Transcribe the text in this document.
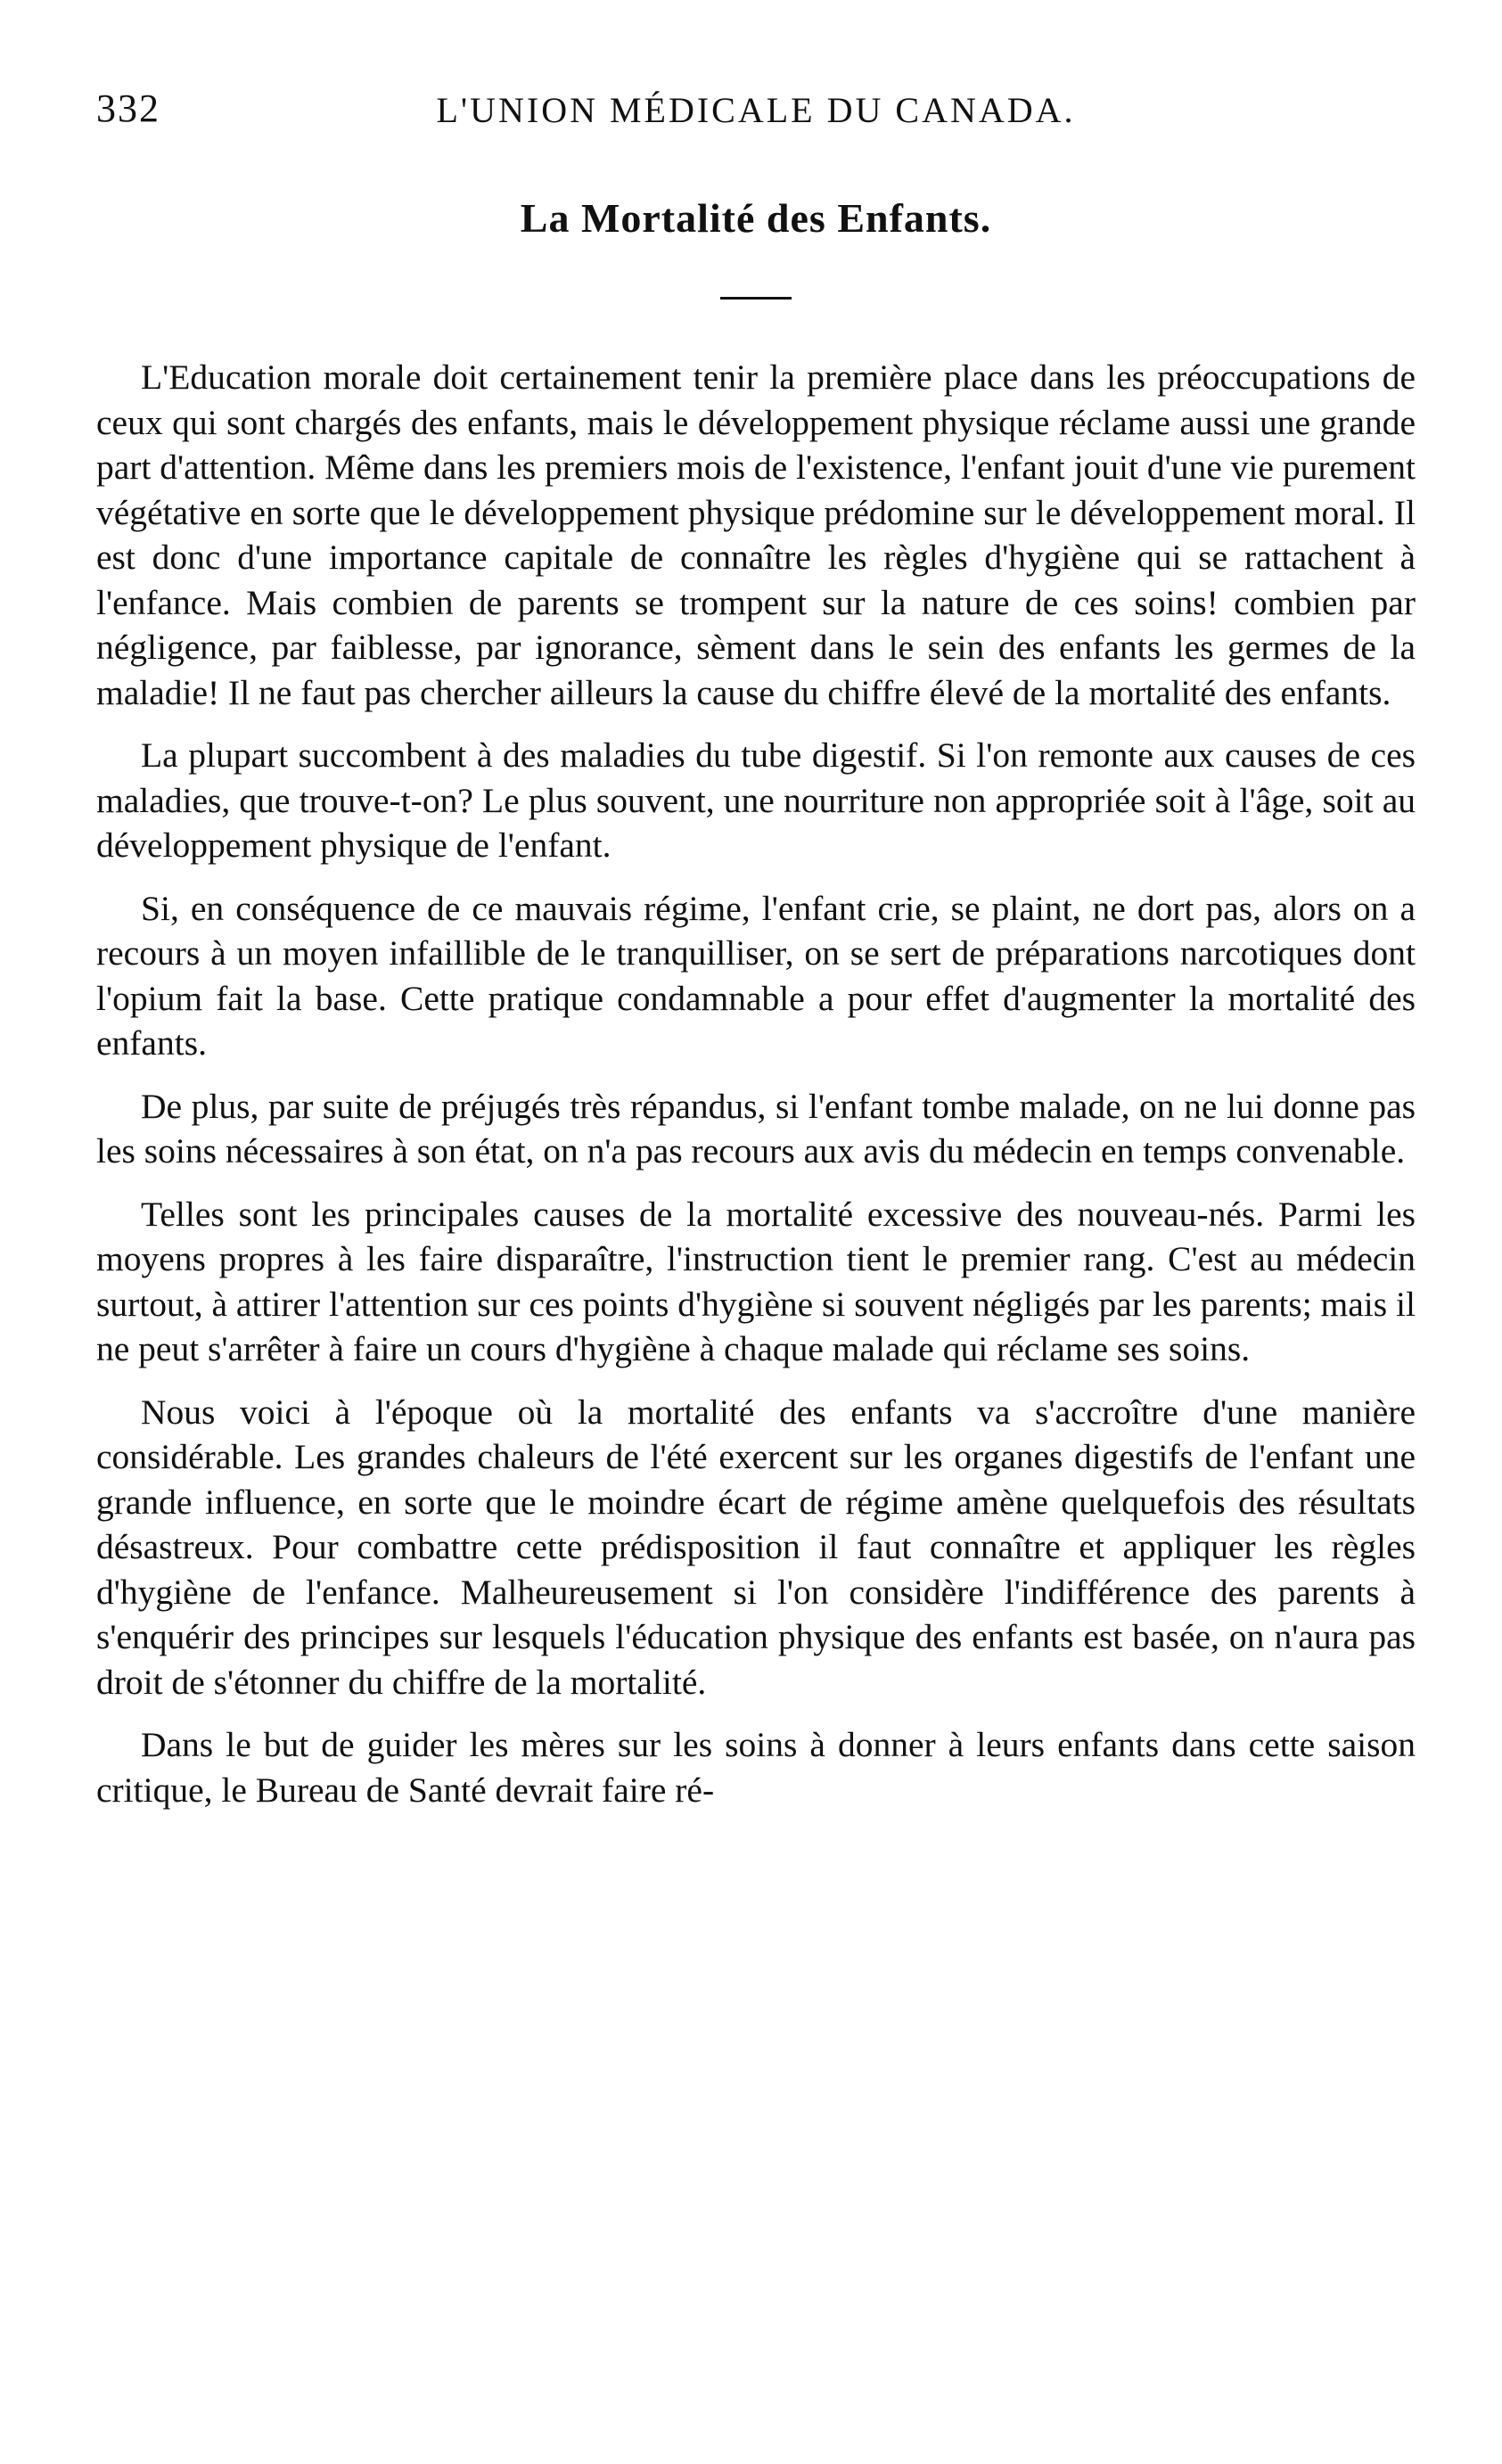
332	L'UNION MÉDICALE DU CANADA.
La Mortalité des Enfants.

L'Education morale doit certainement tenir la première place dans les préoccupations de ceux qui sont chargés des enfants, mais le développement physique réclame aussi une grande part d'attention. Même dans les premiers mois de l'existence, l'enfant jouit d'une vie purement végétative en sorte que le développement physique prédomine sur le développement moral. Il est donc d'une importance capitale de connaître les règles d'hygiène qui se rattachent à l'enfance. Mais combien de parents se trompent sur la nature de ces soins! combien par négligence, par faiblesse, par ignorance, sèment dans le sein des enfants les germes de la maladie! Il ne faut pas chercher ailleurs la cause du chiffre élevé de la mortalité des enfants.

La plupart succombent à des maladies du tube digestif. Si l'on remonte aux causes de ces maladies, que trouve-t-on? Le plus souvent, une nourriture non appropriée soit à l'âge, soit au développement physique de l'enfant.

Si, en conséquence de ce mauvais régime, l'enfant crie, se plaint, ne dort pas, alors on a recours à un moyen infaillible de le tranquilliser, on se sert de préparations narcotiques dont l'opium fait la base. Cette pratique condamnable a pour effet d'augmenter la mortalité des enfants.

De plus, par suite de préjugés très répandus, si l'enfant tombe malade, on ne lui donne pas les soins nécessaires à son état, on n'a pas recours aux avis du médecin en temps convenable.

Telles sont les principales causes de la mortalité excessive des nouveau-nés. Parmi les moyens propres à les faire disparaître, l'instruction tient le premier rang. C'est au médecin surtout, à attirer l'attention sur ces points d'hygiène si souvent négligés par les parents; mais il ne peut s'arrêter à faire un cours d'hygiène à chaque malade qui réclame ses soins.

Nous voici à l'époque où la mortalité des enfants va s'accroître d'une manière considérable. Les grandes chaleurs de l'été exercent sur les organes digestifs de l'enfant une grande influence, en sorte que le moindre écart de régime amène quelquefois des résultats désastreux. Pour combattre cette prédisposition il faut connaître et appliquer les règles d'hygiène de l'enfance. Malheureusement si l'on considère l'indifférence des parents à s'enquérir des principes sur lesquels l'éducation physique des enfants est basée, on n'aura pas droit de s'étonner du chiffre de la mortalité.

Dans le but de guider les mères sur les soins à donner à leurs enfants dans cette saison critique, le Bureau de Santé devrait faire ré-
